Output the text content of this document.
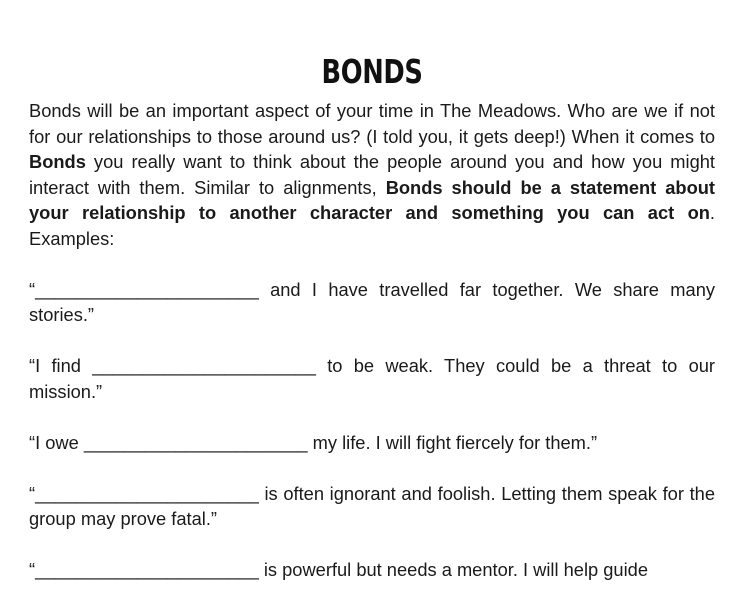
BONDS

Bonds will be an important aspect of your time in The Meadows. Who are we if not for our relationships to those around us? (I told you, it gets deep!) When it comes to Bonds you really want to think about the people around you and how you might interact with them. Similar to alignments, Bonds should be a statement about your relationship to another character and something you can act on. Examples:

“______________________ and I have travelled far together. We share many stories.”

“I find ______________________ to be weak. They could be a threat to our mission.”

“I owe ______________________ my life. I will fight fiercely for them.”

“______________________ is often ignorant and foolish. Letting them speak for the group may prove fatal.”

“______________________ is powerful but needs a mentor. I will help guide
